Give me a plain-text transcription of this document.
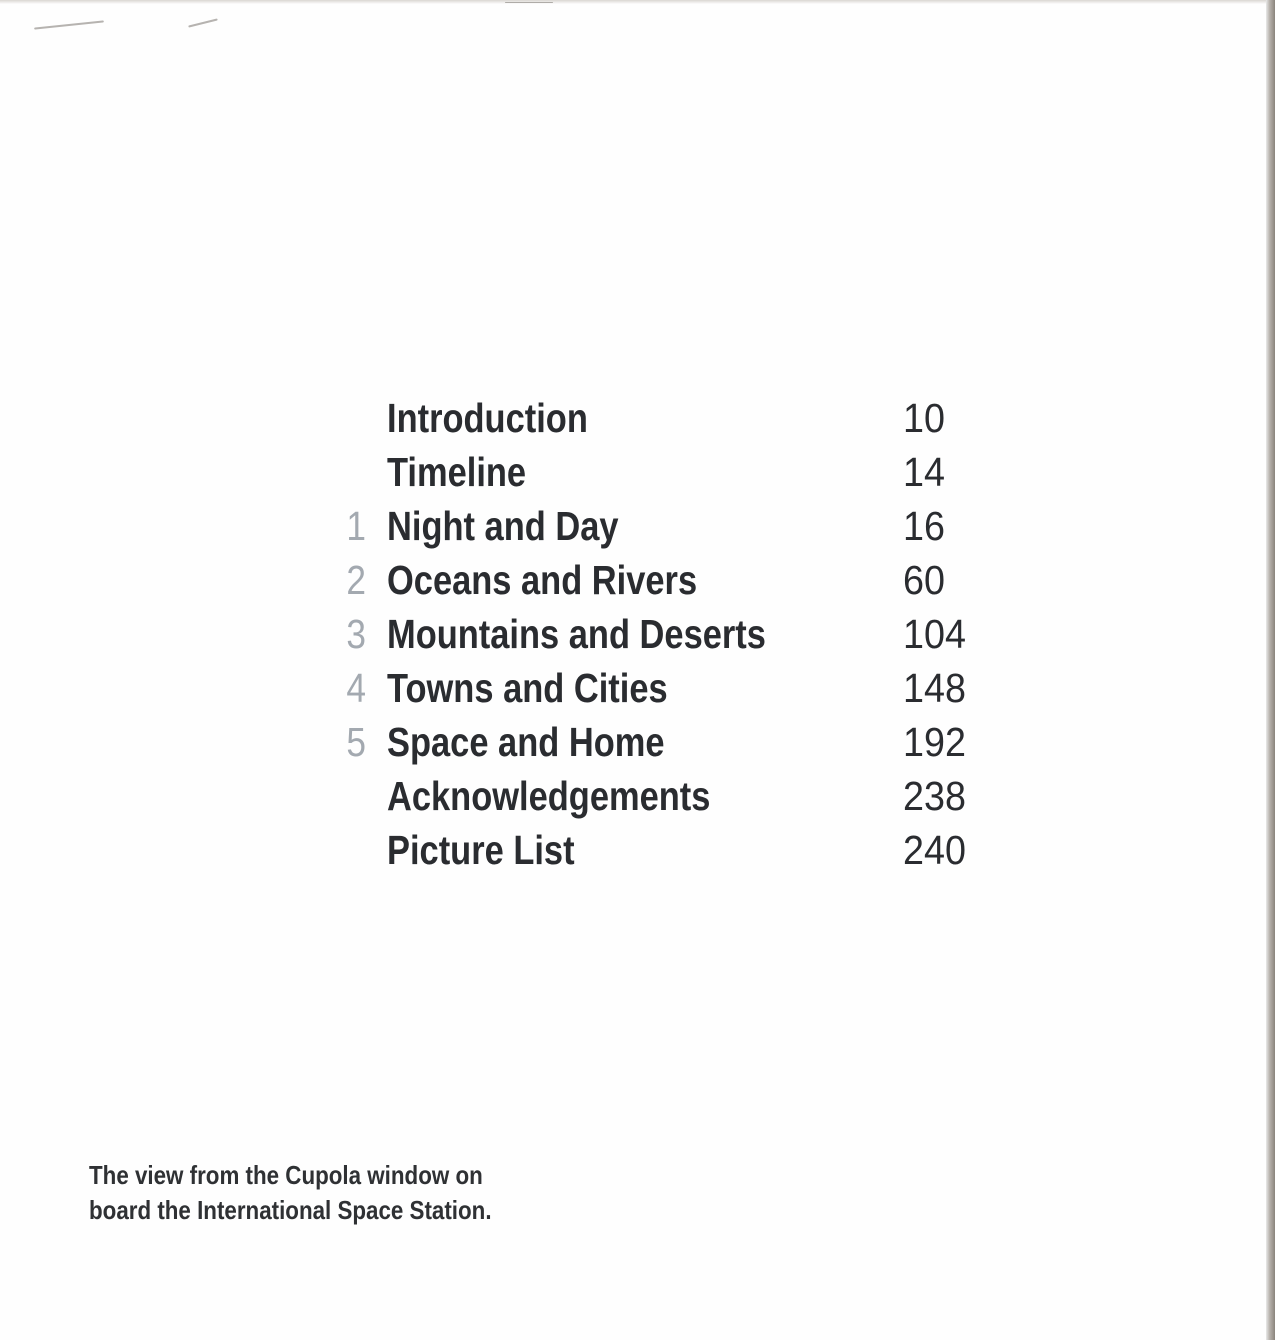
Introduction	10
Timeline	14
1 Night and Day	16
2 Oceans and Rivers	60
3 Mountains and Deserts	104
4 Towns and Cities	148
5 Space and Home	192
Acknowledgements	238
Picture List	240
The view from the Cupola window on
board the International Space Station.
